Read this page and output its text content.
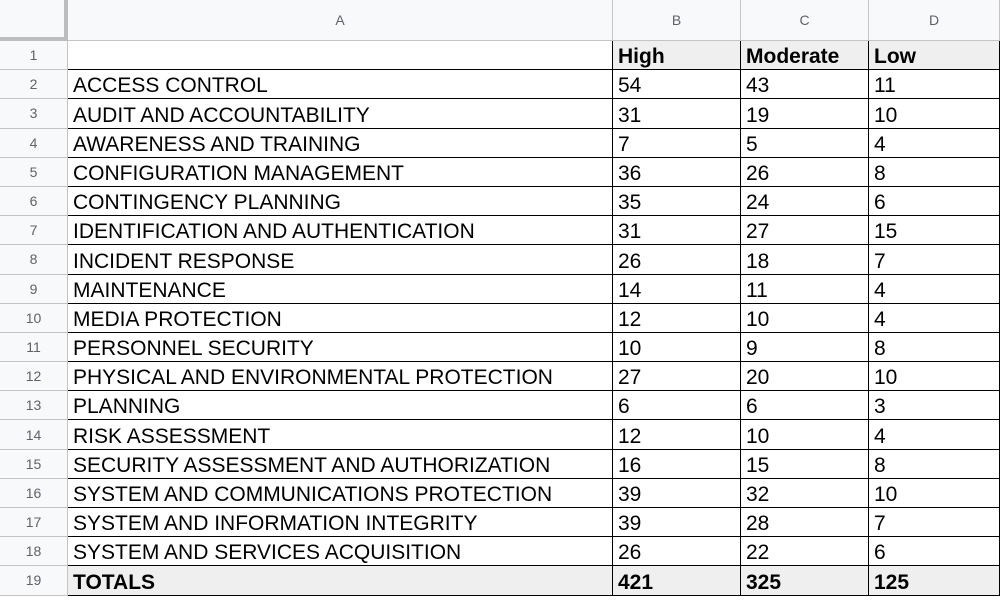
A	B	C	D
1	High	Moderate	Low
2	ACCESS CONTROL	54	43	11
3	AUDIT AND ACCOUNTABILITY	31	19	10
4	AWARENESS AND TRAINING	7	5	4
5	CONFIGURATION MANAGEMENT	36	26	8
6	CONTINGENCY PLANNING	35	24	6
7	IDENTIFICATION AND AUTHENTICATION	31	27	15
8	INCIDENT RESPONSE	26	18	7
9	MAINTENANCE	14	11	4
10	MEDIA PROTECTION	12	10	4
11	PERSONNEL SECURITY	10	9	8
12	PHYSICAL AND ENVIRONMENTAL PROTECTION	27	20	10
13	PLANNING	6	6	3
14	RISK ASSESSMENT	12	10	4
15	SECURITY ASSESSMENT AND AUTHORIZATION	16	15	8
16	SYSTEM AND COMMUNICATIONS PROTECTION	39	32	10
17	SYSTEM AND INFORMATION INTEGRITY	39	28	7
18	SYSTEM AND SERVICES ACQUISITION	26	22	6
19	TOTALS	421	325	125
